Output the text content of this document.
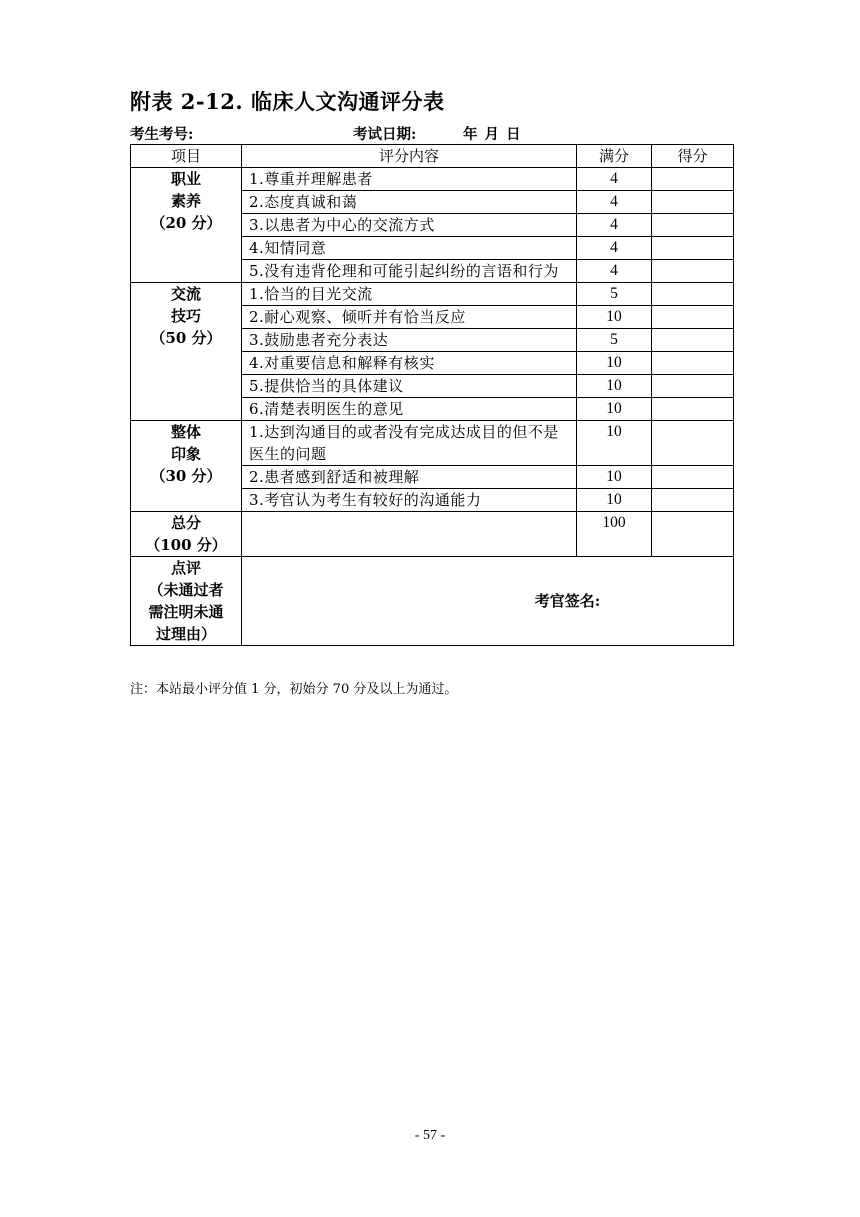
附表 2-12. 临床人文沟通评分表
考生考号:	考试日期:	年 月 日
项目	评分内容	满分	得分

职业
素养
（20 分）	1.尊重并理解患者	4	
	2.态度真诚和蔼	4	
	3.以患者为中心的交流方式	4	
	4.知情同意	4	
	5.没有违背伦理和可能引起纠纷的言语和行为	4	

交流
技巧
（50 分）	1.恰当的目光交流	5	
	2.耐心观察、倾听并有恰当反应	10	
	3.鼓励患者充分表达	5	
	4.对重要信息和解释有核实	10	
	5.提供恰当的具体建议	10	
	6.清楚表明医生的意见	10	

整体
印象
（30 分）	1.达到沟通目的或者没有完成达成目的但不是医生的问题	10	
	2.患者感到舒适和被理解	10	
	3.考官认为考生有较好的沟通能力	10	

总分
（100 分）		100	

点评
（未通过者
需注明未通
过理由）	考官签名:		
注：本站最小评分值 1 分，初始分 70 分及以上为通过。
- 57 -
